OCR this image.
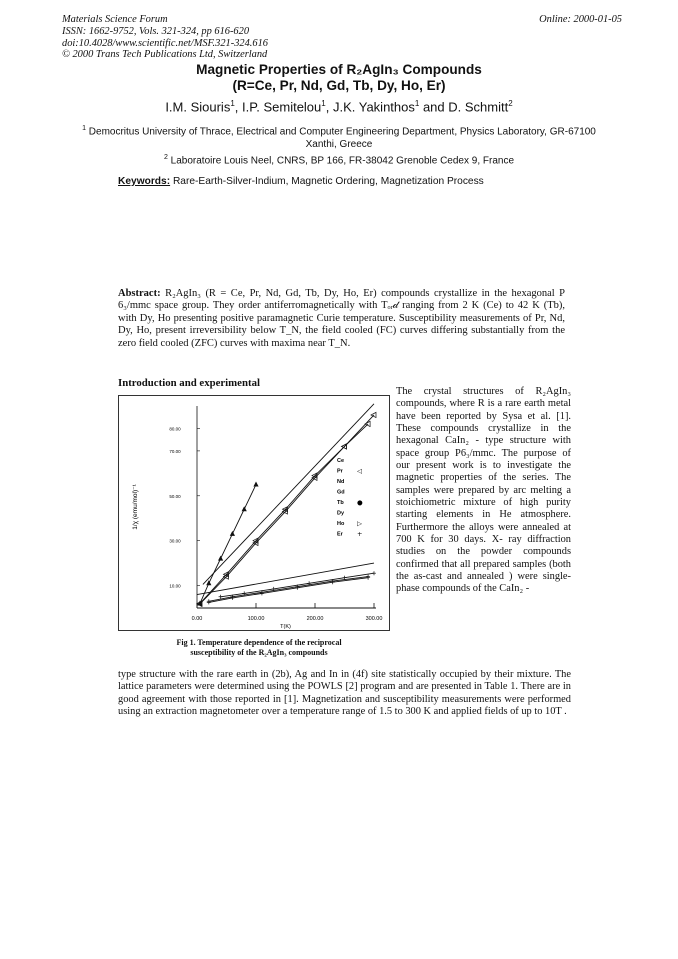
Materials Science Forum
ISSN: 1662-9752, Vols. 321-324, pp 616-620
doi:10.4028/www.scientific.net/MSF.321-324.616
© 2000 Trans Tech Publications Ltd, Switzerland
Online: 2000-01-05
Magnetic Properties of R₂AgIn₃ Compounds
(R=Ce, Pr, Nd, Gd, Tb, Dy, Ho, Er)
I.M. Siouris$^1$, I.P. Semitelou$^1$, J.K. Yakinthos$^1$ and D. Schmitt$^2$
$^1$ Democritus University of Thrace, Electrical and Computer Engineering Department, Physics Laboratory, GR-67100 Xanthi, Greece
$^2$ Laboratoire Louis Neel, CNRS, BP 166, FR-38042 Grenoble Cedex 9, France
Keywords: Rare-Earth-Silver-Indium, Magnetic Ordering, Magnetization Process
Abstract: R₂AgIn₃ (R = Ce, Pr, Nd, Gd, Tb, Dy, Ho, Er) compounds crystallize in the hexagonal P 6₃/mmc space group. They order antiferromagnetically with Tₒᵣ𝒹 ranging from 2 K (Ce) to 42 K (Tb), with Dy, Ho presenting positive paramagnetic Curie temperature. Susceptibility measurements of Pr, Nd, Dy, Ho, present irreversibility below T_N, the field cooled (FC) curves differing substantially from the zero field cooled (ZFC) curves with maxima near T_N.
Introduction and experimental
0.00	100.00	200.00	300.00
T(K)
10.00
30.00
50.00
70.00
80.00
1/χ (emu/mol)⁻¹
Ce
Pr ◁
Nd
Gd
Tb ●
Dy
Ho ▷
Er +
Fig 1. Temperature dependence of the reciprocal
susceptibility of the R₂AgIn₃ compounds
The crystal structures of R₂AgIn₃ compounds, where R is a rare earth metal have been reported by Sysa et al. [1]. These compounds crystallize in the hexagonal CaIn₂ - type structure with space group P6₃/mmc. The purpose of our present work is to investigate the magnetic properties of the series. The samples were prepared by arc melting a stoichiometric mixture of high purity starting elements in He atmosphere. Furthermore the alloys were annealed at 700 K for 30 days. X- ray diffraction studies on the powder compounds confirmed that all prepared samples (both the as-cast and annealed ) were single-phase compounds of the CaIn₂ -
type structure with the rare earth in (2b), Ag and In in (4f) site statistically occupied by their mixture. The lattice parameters were determined using the POWLS [2] program and are presented in Table 1. There are in good agreement with those reported in [1]. Magnetization and susceptibility measurements were performed using an extraction magnetometer over a temperature range of 1.5 to 300 K and applied fields of up to 10T .
